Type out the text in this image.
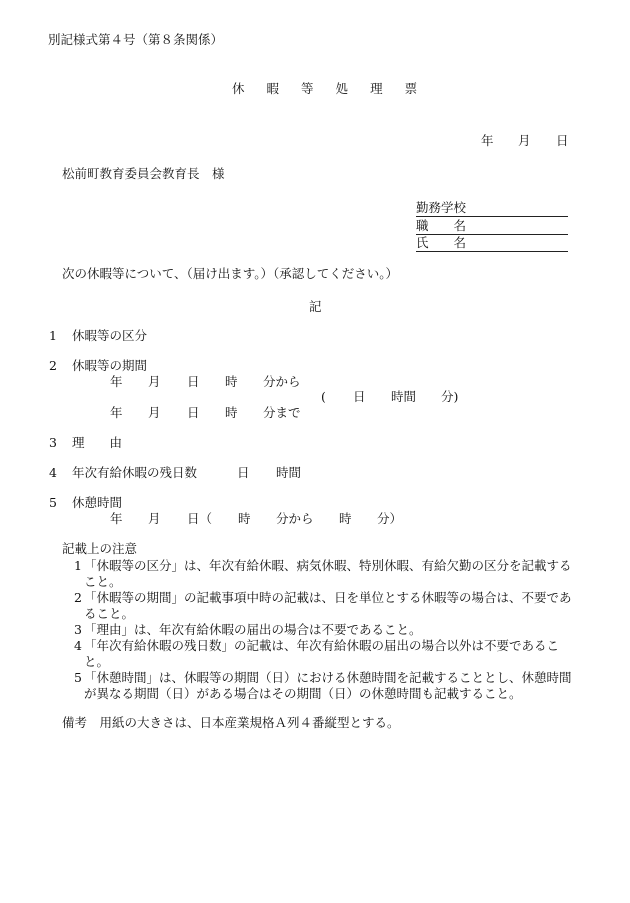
別記様式第４号（第８条関係）
休 暇 等 処 理 票
年 月 日
松前町教育委員会教育長　様
勤務学校
職　　名
氏　　名
次の休暇等について、（届け出ます。）（承認してください。）
記
1 休暇等の区分
2 休暇等の期間
年 月 日 時 分から
( 日 時間 分)
年 月 日 時 分まで
3 理　　由
4 年次有給休暇の残日数	日 時間
5 休憩時間
年 月 日（ 時 分から 時 分）
記載上の注意
1 「休暇等の区分」は、年次有給休暇、病気休暇、特別休暇、有給欠勤の区分を記載すること。
2 「休暇等の期間」の記載事項中時の記載は、日を単位とする休暇等の場合は、不要であること。
3 「理由」は、年次有給休暇の届出の場合は不要であること。
4 「年次有給休暇の残日数」の記載は、年次有給休暇の届出の場合以外は不要であること。
5 「休憩時間」は、休暇等の期間（日）における休憩時間を記載することとし、休憩時間が異なる期間（日）がある場合はその期間（日）の休憩時間も記載すること。
備考　用紙の大きさは、日本産業規格Ａ列４番縦型とする。
